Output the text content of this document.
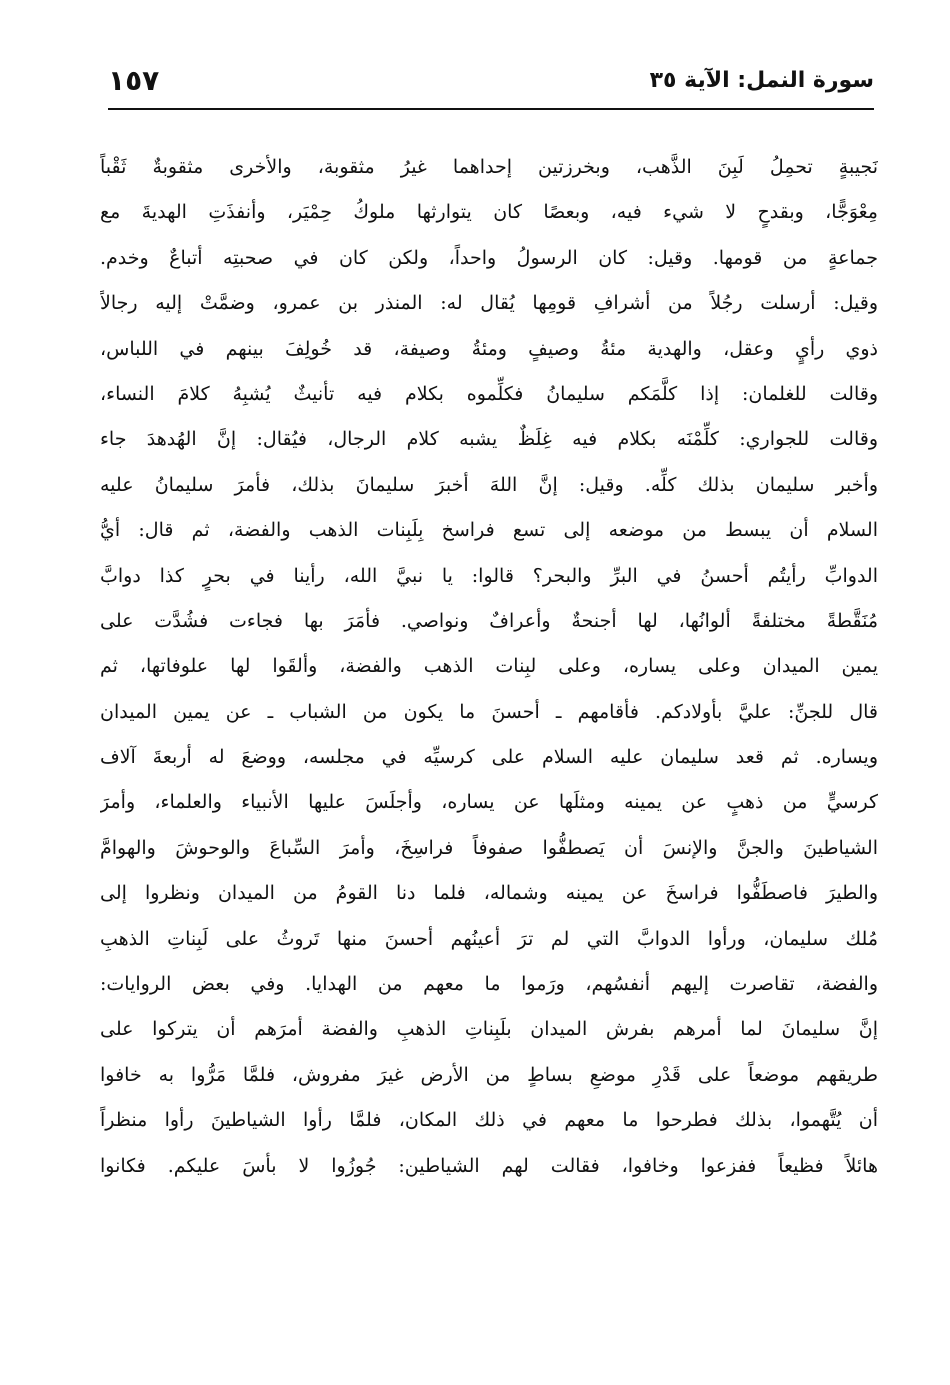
سورة النمل: الآية ٣٥
١٥٧
نَجيبةٍ تحمِلُ لَبِنَ الذَّهب، وبخرزتين إحداهما غيرُ مثقوبة، والأخرى مثقوبةٌ ثَقْباً
مِعْوَجًّا، وبقدحٍ لا شيء فيه، وبعصًا كان يتوارثها ملوكُ حِمْيَر، وأنفذَتِ الهديةَ مع
جماعةٍ من قومها. وقيل: كان الرسولُ واحداً، ولكن كان في صحبتِه أتباعٌ وخدم.
وقيل: أرسلت رجُلاً من أشرافِ قومِها يُقال له: المنذر بن عمرو، وضمَّتْ إليه رجالاً
ذوي رأيٍ وعقل، والهدية مئةُ وصيفٍ ومئةُ وصيفة، قد خُولِفَ بينهم في اللباس،
وقالت للغلمان: إذا كلَّمَكم سليمانُ فكلِّموه بكلام فيه تأنيثٌ يُشبِهُ كلامَ النساء،
وقالت للجواري: كلِّمْنَه بكلام فيه غِلَظٌ يشبه كلام الرجال، فيُقال: إنَّ الهُدهدَ جاء
وأخبر سليمان بذلك كلِّه. وقيل: إنَّ اللهَ أخبرَ سليمانَ بذلك، فأمرَ سليمانُ عليه
السلام أن يبسط من موضعه إلى تسع فراسخ بِلَبِنات الذهب والفضة، ثم قال: أيُّ
الدوابِّ رأيتُم أحسنُ في البرِّ والبحر؟ قالوا: يا نبيَّ الله، رأينا في بحرٍ كذا دوابَّ
مُنَقَّطةً مختلفةً ألوانُها، لها أجنحةٌ وأعرافٌ ونواصي. فأمَرَ بها فجاءت فشُدَّت على
يمين الميدان وعلى يساره، وعلى لبِنات الذهب والفضة، وألقَوا لها علوفاتها، ثم
قال للجنِّ: عليَّ بأولادكم. فأقامهم ـ أحسنَ ما يكون من الشباب ـ عن يمين الميدان
ويساره. ثم قعد سليمان عليه السلام على كرسيِّه في مجلسه، ووضعَ له أربعةَ آلاف
كرسيٍّ من ذهبٍ عن يمينه ومثلَها عن يساره، وأجلَسَ عليها الأنبياء والعلماء، وأمرَ
الشياطينَ والجنَّ والإنسَ أن يَصطفُّوا صفوفاً فراسِخَ، وأمرَ السِّباعَ والوحوشَ والهوامَّ
والطيرَ فاصطَفُّوا فراسخَ عن يمينه وشماله، فلما دنا القومُ من الميدان ونظروا إلى
مُلك سليمان، ورأوا الدوابَّ التي لم ترَ أعينُهم أحسنَ منها تَروثُ على لَبِناتِ الذهبِ
والفضة، تقاصرت إليهم أنفسُهم، ورَموا ما معهم من الهدايا. وفي بعض الروايات:
إنَّ سليمانَ لما أمرهم بفرش الميدان بلَبِناتِ الذهبِ والفضة أمرَهم أن يتركوا على
طريقهم موضعاً على قَدْرِ موضعِ بساطٍ من الأرض غيرَ مفروش، فلمَّا مَرُّوا به خافوا
أن يُتَّهموا، بذلك فطرحوا ما معهم في ذلك المكان، فلمَّا رأوا الشياطينَ رأوا منظراً
هائلاً فظيعاً ففزعوا وخافوا، فقالت لهم الشياطين: جُوزُوا لا بأسَ عليكم. فكانوا
